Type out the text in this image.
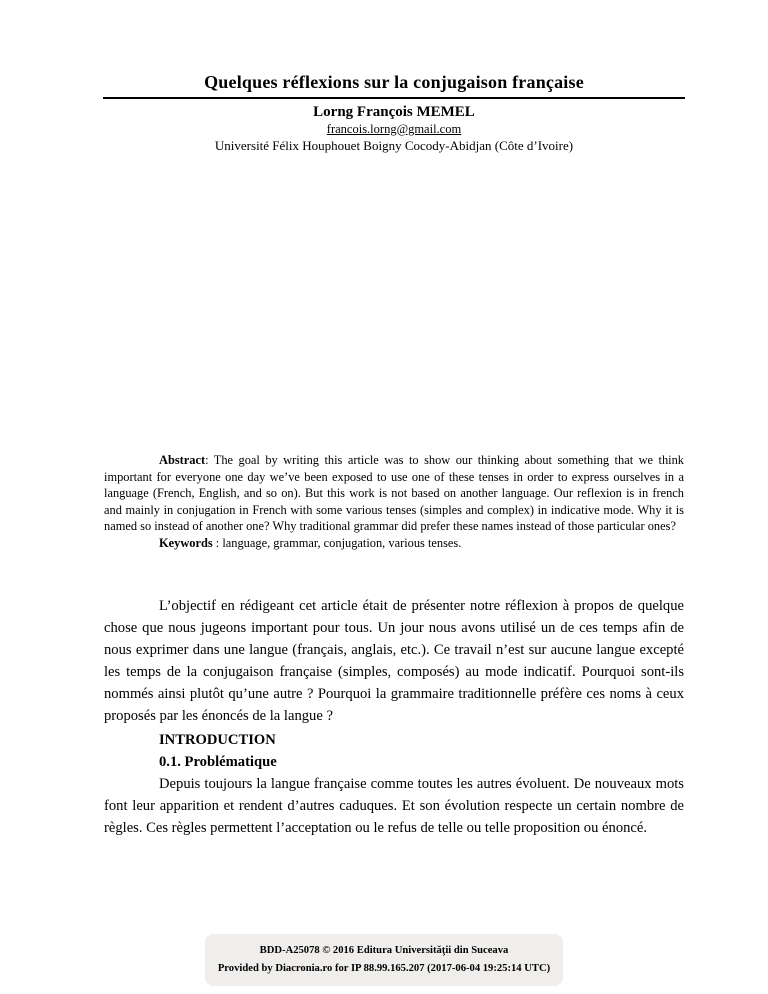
Quelques réflexions sur la conjugaison française
Lorng François MEMEL
francois.lorng@gmail.com
Université Félix Houphouet Boigny Cocody-Abidjan (Côte d’Ivoire)

Abstract: The goal by writing this article was to show our thinking about something that we think important for everyone one day we’ve been exposed to use one of these tenses in order to express ourselves in a language (French, English, and so on). But this work is not based on another language. Our reflexion is in french and mainly in conjugation in French with some various tenses (simples and complex) in indicative mode. Why it is named so instead of another one? Why traditional grammar did prefer these names instead of those particular ones?

Keywords : language, grammar, conjugation, various tenses.

L’objectif en rédigeant cet article était de présenter notre réflexion à propos de quelque chose que nous jugeons important pour tous. Un jour nous avons utilisé un de ces temps afin de nous exprimer dans une langue (français, anglais, etc.). Ce travail n’est sur aucune langue excepté les temps de la conjugaison française (simples, composés) au mode indicatif. Pourquoi sont-ils nommés ainsi plutôt qu’une autre ? Pourquoi la grammaire traditionnelle préfère ces noms à ceux proposés par les énoncés de la langue ?

INTRODUCTION

0.1. Problématique

Depuis toujours la langue française comme toutes les autres évoluent. De nouveaux mots font leur apparition et rendent d’autres caduques. Et son évolution respecte un certain nombre de règles. Ces règles permettent l’acceptation ou le refus de telle ou telle proposition ou énoncé.

BDD-A25078 © 2016 Editura Universităţii din Suceava
Provided by Diacronia.ro for IP 88.99.165.207 (2017-06-04 19:25:14 UTC)
